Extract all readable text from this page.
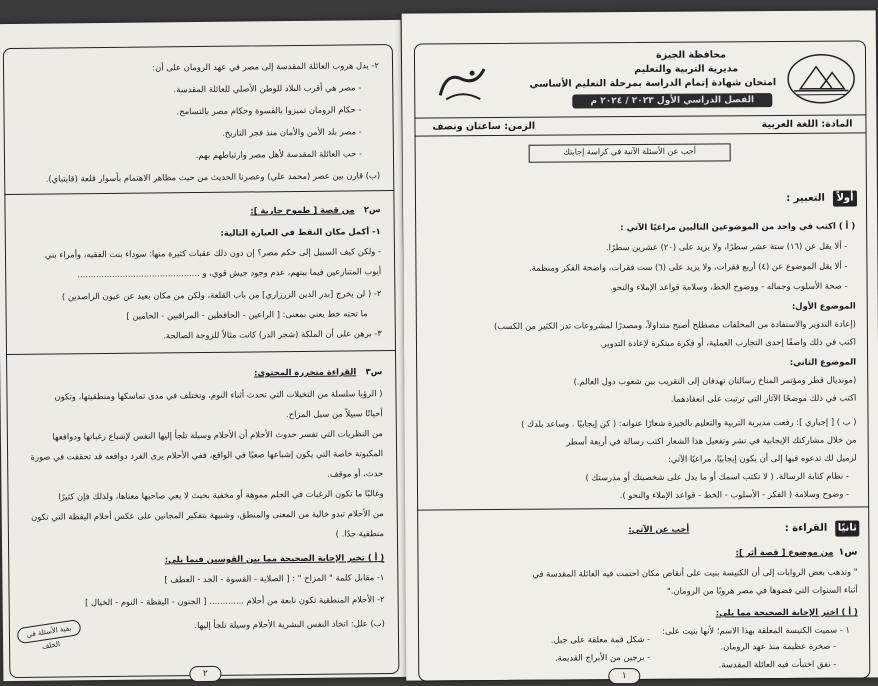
٢- يدل هروب العائلة المقدسة إلى مصر في عهد الرومان على أن:
- مصر هي أقرب البلاد للوطن الأصلي للعائلة المقدسة.
- حكام الرومان تميزوا بالقسوة وحكام مصر بالتسامح.
- مصر بلد الأمن والأمان منذ فجر التاريخ.
- حب العائلة المقدسة لأهل مصر وارتباطهم بهم.
(ب) قارن بين عصر (محمد علي) وعصرنا الحديث من حيث مظاهر الاهتمام بأسوار قلعة (قايتباي).
س٢
من قصة [ طموح جارية ]:
١- أكمل مكان النقط في العبارة التالية:
- ولكن كيف السبيل إلى حكم مصر؟ إن دون ذلك عقبات كثيرة منها: سوداء بنت الفقيه، وأمراء بني
أيوب المتنازعين فيما بينهم، عدم وجود جيش قوي، و ..............................................
٢- ( لن يخرج [بدر الدين الزرزاري] من باب القلعة، ولكن من مكان بعيد عن عيون الراصدين )
ما تحته خط يعني بمعنى: [ الراعين - الحافظين - المراقبين - الحامين ]
٣- برهن على أن الملكة (شجر الدر) كانت مثالاً للزوجة الصالحة.
س٣
القراءة متحررة المحتوى:
( الرؤيا سلسلة من التخيلات التي تحدث أثناء النوم، وتختلف في مدى تماسكها ومنطقيتها، وتكون
أحيانًا سبيلاً من سبل المزاح.
من النظريات التي تفسر حدوث الأحلام أن الأحلام وسيلة تلجأ إليها النفس لإشباع رغباتها ودوافعها
المكبوتة خاصة التي يكون إشباعها صعبًا في الواقع، ففي الأحلام يرى الفرد دوافعه قد تحققت في صورة
حدث، أو موقف.
وغالبًا ما تكون الرغبات في الحلم مموهة أو مخفية بحيث لا يعي صاحبها معناها، ولذلك فإن كثيرًا
من الأحلام تبدو خالية من المعنى والمنطق، وشبيهة بتفكير المجانين على عكس أحلام اليقظة التي تكون
منطقية جدًا. )
( أ ) تخير الإجابة الصحيحة مما بين القوسين فيما يلي:
١- مقابل كلمة " المزاح " : [ الصلاية - القسوة - الجد - العطف ]
٢- الأحلام المنطقية تكون نابعة من أحلام ............. [ الجنون - اليقظة - النوم - الخيال ]
(ب) علل: اتخاذ النفس البشرية الأحلام وسيلة تلجأ إليها.
بقية الأسئلة في الخلف
٢
محافظة الجيزة
مديرية التربية والتعليم
امتحان شهادة إتمام الدراسة بمرحلة التعليم الأساسي
الفصل الدراسي الأول ٢٠٢٣ / ٢٠٢٤ م
المادة: اللغة العربية
الزمن: ساعتان ونصف
أجب عن الأسئلة الآتية في كراسة إجابتك
أولاً
التعبير :
( أ ) اكتب في واحد من الموضوعين التاليين مراعيًا الآتي :
- ألا يقل عن (١٦) ستة عشر سطرًا، ولا يزيد على (٢٠) عشرين سطرًا.
- ألا يقل الموضوع عن (٤) أربع فقرات، ولا يزيد على (٦) ست فقرات، واضحة الفكر ومنظمة.
- صحة الأسلوب وجماله - ووضوح الخط، وسلامة قواعد الإملاء والنحو.
الموضوع الأول:
(إعادة التدوير والاستفادة من المخلفات مصطلح أصبح متداولاً، ومصدرًا لمشروعات تدر الكثير من الكسب)
اكتب في ذلك واصفًا إحدى التجارب العملية، أو فكرة مبتكرة لإعادة التدوير.
الموضوع الثاني:
(مونديال قطر ومؤتمر المناخ رسالتان تهدفان إلى التقريب بين شعوب دول العالم.)
اكتب في ذلك موضحًا الآثار التي ترتبت على انعقادهما.
( ب ) [ إجباري ]: رفعت مديرية التربية والتعليم بالجيزة شعارًا عنوانه: ( كن إيجابيًا . وساعد بلدك )
من خلال مشاركتك الإيجابية في نشر وتفعيل هذا الشعار اكتب رسالة في أربعة أسطر
لزميل لك تدعوه فيها إلى أن يكون إيجابيًا، مراعيًا الآتي:
- نظام كتابة الرسالة. ( لا تكتب اسمك أو ما يدل على شخصيتك أو مدرستك )
- وضوح وسلامة ( الفكر - الأسلوب - الخط - قواعد الإملاء والنحو ).
ثانيًا
القراءة :
أجب عن الآتي:
س١
من موضوع [ قصة أثر ]:
" وتذهب بعض الروايات إلى أن الكنيسة بنيت على أنقاض مكان احتمت فيه العائلة المقدسة في
أثناء السنوات التي قضوها في مصر هروبًا من الرومان."
( أ ) اختر الإجابة الصحيحة مما يلي:
١ - سميت الكنيسة المعلقة بهذا الاسم؛ لأنها بنيت على:
- صخرة عظيمة منذ عهد الرومان.
- شكل قمة معلقة على جبل.
- نفق اختبأت فيه العائلة المقدسة.
- برجين من الأبراج القديمة.
١
